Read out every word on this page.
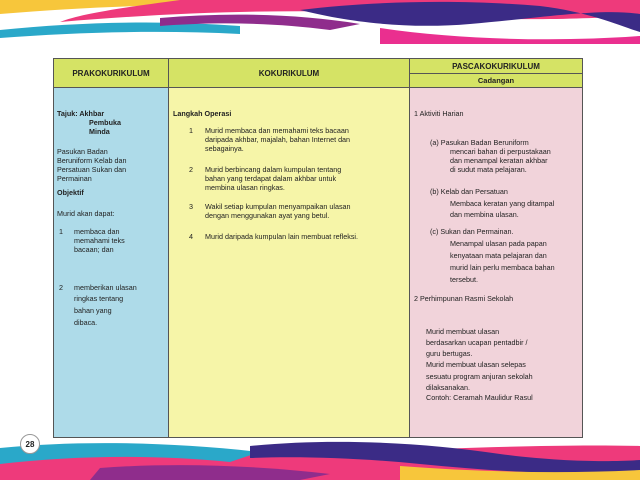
PRAKOKURIKULUM
Tajuk: Akhbar
Pembuka
Minda
Pasukan Badan
Beruniform Kelab dan
Persatuan Sukan dan
Permainan
Objektif
Murid akan dapat:
1 membaca dan
memahami teks
bacaan; dan
2 memberikan ulasan
ringkas tentang
bahan yang
dibaca.
KOKURIKULUM
Langkah Operasi
1 Murid membaca dan memahami teks bacaan
daripada akhbar, majalah, bahan Internet dan
sebagainya.
2 Murid berbincang dalam kumpulan tentang
bahan yang terdapat dalam akhbar untuk
membina ulasan ringkas.
3 Wakil setiap kumpulan menyampaikan ulasan
dengan menggunakan ayat yang betul.
4 Murid daripada kumpulan lain membuat refleksi.
PASCAKOKURIKULUM
Cadangan
1 Aktiviti Harian
(a) Pasukan Badan Beruniform
mencari bahan di perpustakaan
dan menampal keratan akhbar
di sudut mata pelajaran.
(b) Kelab dan Persatuan
Membaca keratan yang ditampal
dan membina ulasan.
(c) Sukan dan Permainan.
Menampal ulasan pada papan
kenyataan mata pelajaran dan
murid lain perlu membaca bahan
tersebut.
2 Perhimpunan Rasmi Sekolah
Murid membuat ulasan
berdasarkan ucapan pentadbir /
guru bertugas.
Murid membuat ulasan selepas
sesuatu program anjuran sekolah
dilaksanakan.
Contoh: Ceramah Maulidur Rasul
28
